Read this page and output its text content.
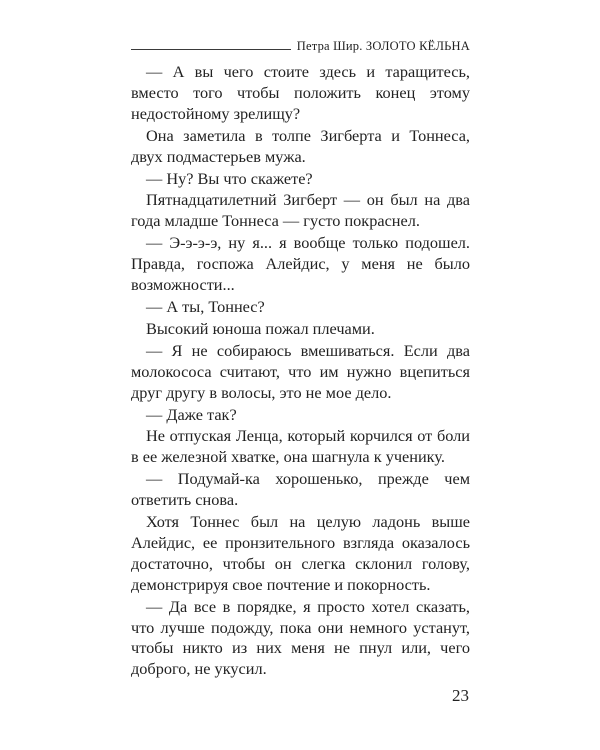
Петра Шир. ЗОЛОТО КЁЛЬНА

— А вы чего стоите здесь и таращитесь, вместо того чтобы положить конец этому недостойному зрелищу?

Она заметила в толпе Зигберта и Тоннеса, двух подмастерьев мужа.

— Ну? Вы что скажете?

Пятнадцатилетний Зигберт — он был на два года младше Тоннеса — густо покраснел.

— Э-э-э-э, ну я... я вообще только подошел. Правда, госпожа Алейдис, у меня не было возможности...

— А ты, Тоннес?

Высокий юноша пожал плечами.

— Я не собираюсь вмешиваться. Если два молокососа считают, что им нужно вцепиться друг другу в волосы, это не мое дело.

— Даже так?

Не отпуская Ленца, который корчился от боли в ее железной хватке, она шагнула к ученику.

— Подумай-ка хорошенько, прежде чем ответить снова.

Хотя Тоннес был на целую ладонь выше Алейдис, ее пронзительного взгляда оказалось достаточно, чтобы он слегка склонил голову, демонстрируя свое почтение и покорность.

— Да все в порядке, я просто хотел сказать, что лучше подожду, пока они немного устанут, чтобы никто из них меня не пнул или, чего доброго, не укусил.

23
